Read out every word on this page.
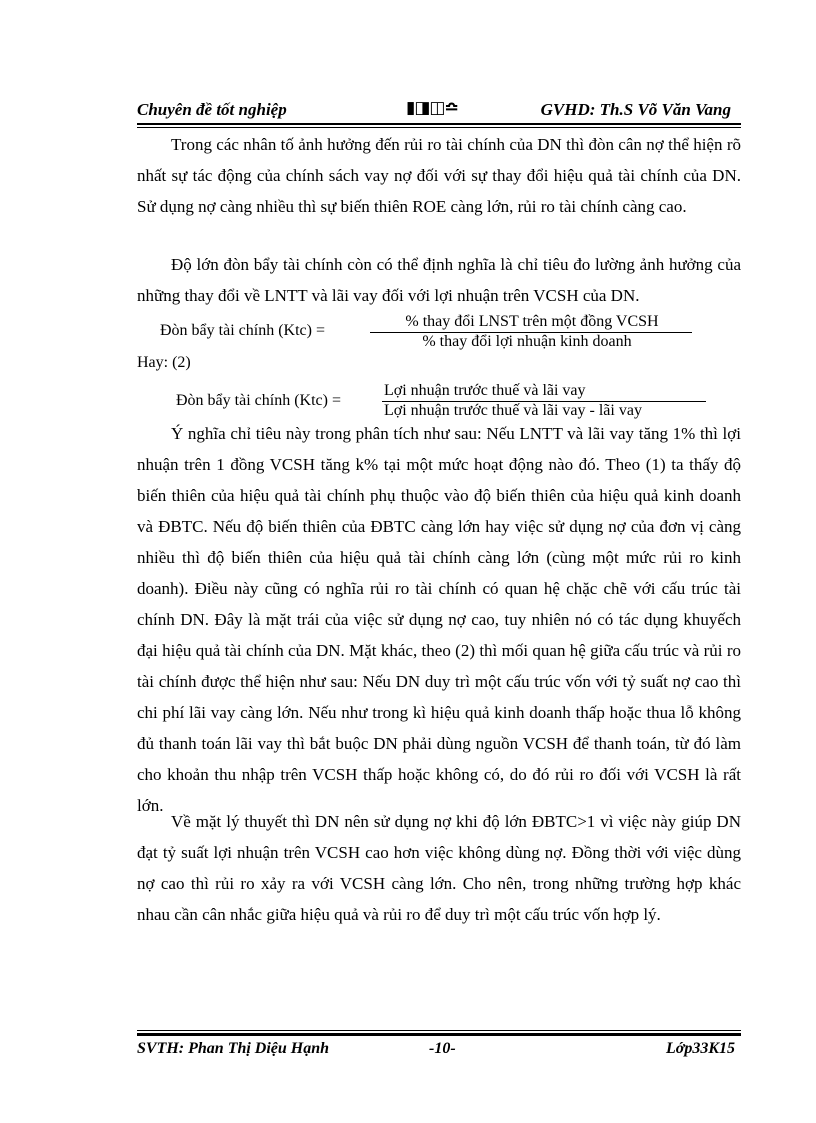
Chuyên đề tốt nghiệp	▮◨◫≏	GVHD: Th.S Võ Văn Vang

Trong các nhân tố ảnh hưởng đến rủi ro tài chính của DN thì đòn cân nợ thể hiện rõ nhất sự tác động của chính sách vay nợ đối với sự thay đổi hiệu quả tài chính của DN. Sử dụng nợ càng nhiều thì sự biến thiên ROE càng lớn, rủi ro tài chính càng cao.

Độ lớn đòn bẩy tài chính còn có thể định nghĩa là chỉ tiêu đo lường ảnh hưởng của những thay đổi về LNTT và lãi vay đối với lợi nhuận trên VCSH của DN.

Đòn bẩy tài chính (Ktc) =
% thay đổi LNST trên một đồng VCSH
% thay đổi lợi nhuận kinh doanh
Hay: (2)
Đòn bẩy tài chính (Ktc) =
Lợi nhuận trước thuế và lãi vay
Lợi nhuận trước thuế và lãi vay - lãi vay

Ý nghĩa chỉ tiêu này trong phân tích như sau: Nếu LNTT và lãi vay tăng 1% thì lợi nhuận trên 1 đồng VCSH tăng k% tại một mức hoạt động nào đó. Theo (1) ta thấy độ biến thiên của hiệu quả tài chính phụ thuộc vào độ biến thiên của hiệu quả kinh doanh và ĐBTC. Nếu độ biến thiên của ĐBTC càng lớn hay việc sử dụng nợ của đơn vị càng nhiều thì độ biến thiên của hiệu quả tài chính càng lớn (cùng một mức rủi ro kinh doanh). Điều này cũng có nghĩa rủi ro tài chính có quan hệ chặc chẽ với cấu trúc tài chính DN. Đây là mặt trái của việc sử dụng nợ cao, tuy nhiên nó có tác dụng khuyếch đại hiệu quả tài chính của DN. Mặt khác, theo (2) thì mối quan hệ giữa cấu trúc và rủi ro tài chính được thể hiện như sau: Nếu DN duy trì một cấu trúc vốn với tỷ suất nợ cao thì chi phí lãi vay càng lớn. Nếu như trong kì hiệu quả kinh doanh thấp hoặc thua lỗ không đủ thanh toán lãi vay thì bắt buộc DN phải dùng nguồn VCSH để thanh toán, từ đó làm cho khoản thu nhập trên VCSH thấp hoặc không có, do đó rủi ro đối với VCSH là rất lớn.

Về mặt lý thuyết thì DN nên sử dụng nợ khi độ lớn ĐBTC>1 vì việc này giúp DN đạt tỷ suất lợi nhuận trên VCSH cao hơn việc không dùng nợ. Đồng thời với việc dùng nợ cao thì rủi ro xảy ra với VCSH càng lớn. Cho nên, trong những trường hợp khác nhau cần cân nhắc giữa hiệu quả và rủi ro để duy trì một cấu trúc vốn hợp lý.

SVTH: Phan Thị Diệu Hạnh	-10-	Lớp33K15
